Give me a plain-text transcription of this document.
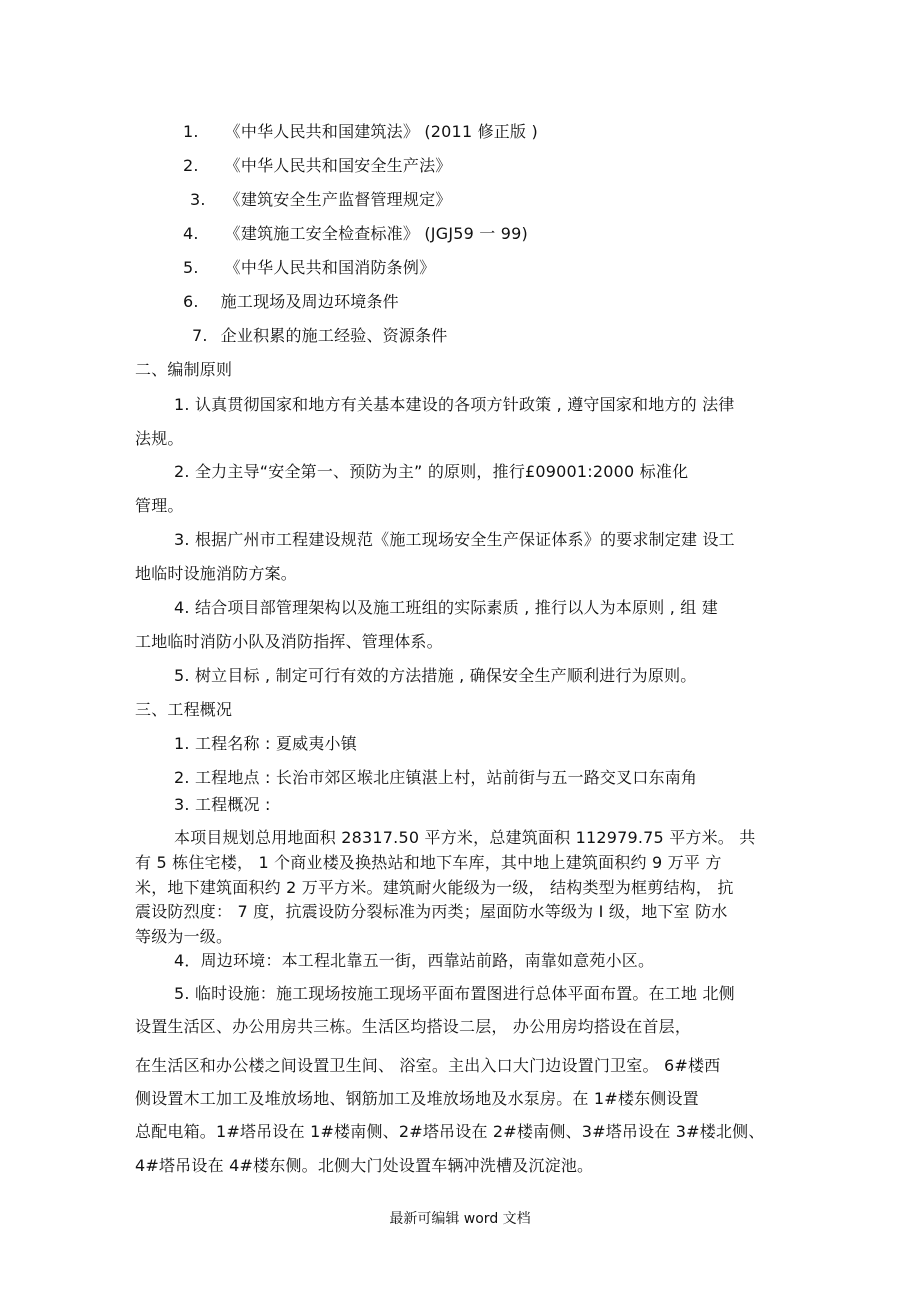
1. 《中华人民共和国建筑法》 (2011 修正版 )
2. 《中华人民共和国安全生产法》
3. 《建筑安全生产监督管理规定》
4. 《建筑施工安全检查标准》 (JGJ59 一 99)
5. 《中华人民共和国消防条例》
6. 施工现场及周边环境条件
7. 企业积累的施工经验、资源条件
二、编制原则
1. 认真贯彻国家和地方有关基本建设的各项方针政策 , 遵守国家和地方的 法律
法规。
2. 全力主导“安全第一、预防为主” 的原则，推行£09001:2000 标准化
管理。
3. 根据广州市工程建设规范《施工现场安全生产保证体系》的要求制定建 设工
地临时设施消防方案。
4. 结合项目部管理架构以及施工班组的实际素质 , 推行以人为本原则 , 组 建
工地临时消防小队及消防指挥、管理体系。
5. 树立目标 , 制定可行有效的方法措施 , 确保安全生产顺利进行为原则。
三、工程概况
1. 工程名称 : 夏威夷小镇
2. 工程地点 : 长治市郊区堠北庄镇湛上村，站前街与五一路交叉口东南角
3. 工程概况 :
本项目规划总用地面积 28317.50 平方米，总建筑面积 112979.75 平方米。 共
有 5 栋住宅楼， 1 个商业楼及换热站和地下车库，其中地上建筑面积约 9 万平 方
米，地下建筑面积约 2 万平方米。建筑耐火能级为一级， 结构类型为框剪结构， 抗
震设防烈度： 7 度，抗震设防分裂标准为丙类；屋面防水等级为 I 级，地下室 防水
等级为一级。
4．周边环境：本工程北靠五一街，西靠站前路，南靠如意苑小区。
5. 临时设施：施工现场按施工现场平面布置图进行总体平面布置。在工地 北侧
设置生活区、办公用房共三栋。生活区均搭设二层， 办公用房均搭设在首层，
在生活区和办公楼之间设置卫生间、 浴室。主出入口大门边设置门卫室。 6#楼西
侧设置木工加工及堆放场地、钢筋加工及堆放场地及水泵房。在 1#楼东侧设置
总配电箱。1#塔吊设在 1#楼南侧、2#塔吊设在 2#楼南侧、3#塔吊设在 3#楼北侧、
4#塔吊设在 4#楼东侧。北侧大门处设置车辆冲洗槽及沉淀池。
最新可编辑 word 文档
